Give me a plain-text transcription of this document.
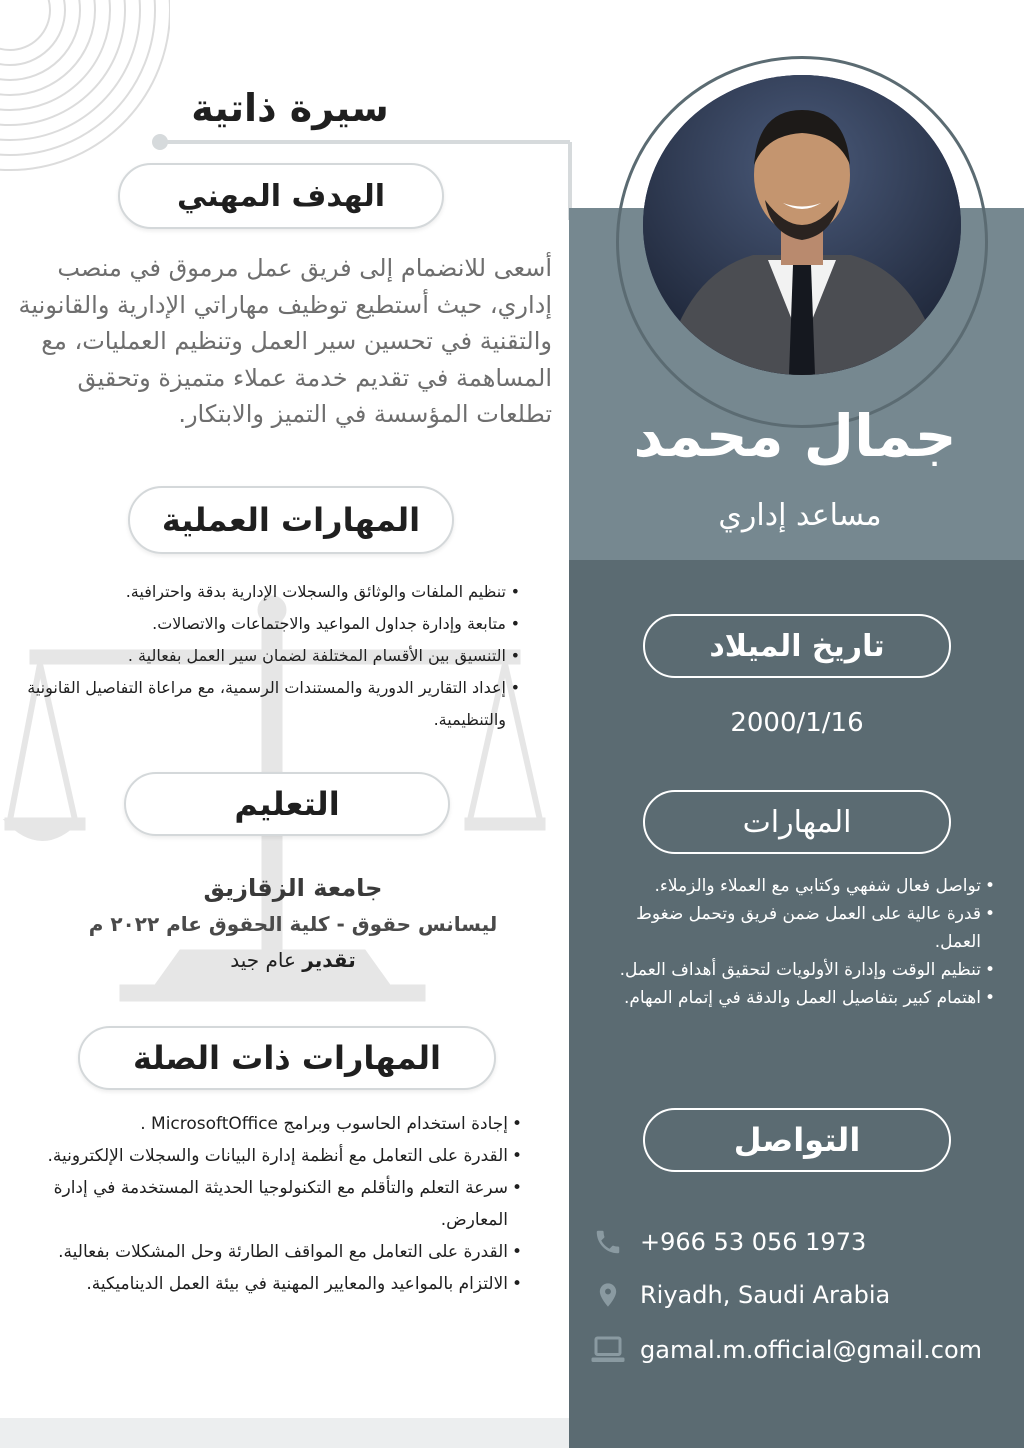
جمال محمد
مساعد إداري
تاريخ الميلاد
2000/1/16
المهارات
• تواصل فعال شفهي وكتابي مع العملاء والزملاء.
• قدرة عالية على العمل ضمن فريق وتحمل ضغوط العمل.
• تنظيم الوقت وإدارة الأولويات لتحقيق أهداف العمل.
• اهتمام كبير بتفاصيل العمل والدقة في إتمام المهام.
التواصل
+966 53 056 1973
Riyadh, Saudi Arabia
gamal.m.official@gmail.com
سيرة ذاتية
الهدف المهني
أسعى للانضمام إلى فريق عمل مرموق في منصب إداري، حيث أستطيع توظيف مهاراتي الإدارية والقانونية والتقنية في تحسين سير العمل وتنظيم العمليات، مع المساهمة في تقديم خدمة عملاء متميزة وتحقيق تطلعات المؤسسة في التميز والابتكار.
المهارات العملية
• تنظيم الملفات والوثائق والسجلات الإدارية بدقة واحترافية.
• متابعة وإدارة جداول المواعيد والاجتماعات والاتصالات.
• التنسيق بين الأقسام المختلفة لضمان سير العمل بفعالية .
• إعداد التقارير الدورية والمستندات الرسمية، مع مراعاة التفاصيل القانونية والتنظيمية.
التعليم
جامعة الزقازيق
ليسانس حقوق - كلية الحقوق عام ٢٠٢٢ م
تقدير عام جيد
المهارات ذات الصلة
• إجادة استخدام الحاسوب وبرامج MicrosoftOffice .
• القدرة على التعامل مع أنظمة إدارة البيانات والسجلات الإلكترونية.
• سرعة التعلم والتأقلم مع التكنولوجيا الحديثة المستخدمة في إدارة المعارض.
• القدرة على التعامل مع المواقف الطارئة وحل المشكلات بفعالية.
• الالتزام بالمواعيد والمعايير المهنية في بيئة العمل الديناميكية.
